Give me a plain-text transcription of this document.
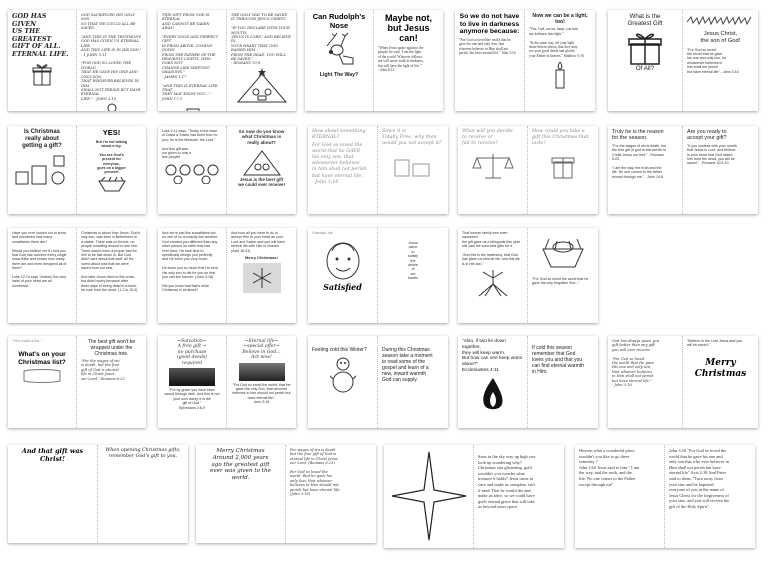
GOD HAS GIVEN
US THE GREATEST
GIFT OF ALL.
ETERNAL LIFE.
GOD SACRIFICED HIS ONLY SON
SO THAT WE COULD ALL BE SAVED.

"AND THIS IS THE TESTIMONY:
GOD HAS GIVEN US ETERNAL LIFE,
AND THIS LIFE IS IN HIS SON."
- 1 JOHN 5:11

"FOR GOD SO LOVED THE WORLD
THAT HE GAVE HIS ONE AND ONLY SON,
THAT WHOEVER BELIEVES IN HIM
SHALL NOT PERISH BUT HAVE ETERNAL
LIFE." - JOHN 3:16
THIS GIFT FROM GOD IS ETERNAL
AND CANNOT BE TAKEN AWAY!

"EVERY GOOD AND PERFECT GIFT
IS FROM ABOVE, COMING DOWN
FROM THE FATHER OF THE
HEAVENLY LIGHTS, WHO DOES NOT
CHANGE LIKE SHIFTING SHADOWS."
- JAMES 1:17

"AND THIS IS ETERNAL LIFE: THAT
THEY MAY KNOW YOU..." - JOHN 17:3
THE ONLY WAY TO BE SAVED
IS THROUGH JESUS CHRIST.

"IF YOU DECLARE WITH YOUR MOUTH,
'JESUS IS LORD,' AND BELIEVE IN
YOUR HEART THAT GOD RAISED HIM
FROM THE DEAD, YOU WILL BE SAVED."
- ROMANS 10:9
Can Rudolph's Nose
Light The Way?
Maybe not, but Jesus can!
"When Jesus spoke again to the
people, he said, 'I am the light
of the world. Whoever follows
me will never walk in darkness,
but will have the light of life.'"
- John 8:12
So we do not have to live in darkness anymore because:
"For God so loved the world that he
gave his one and only Son, that
whoever believes in Him shall not
perish, but have eternal life." John 3:16
Now we can be a light, too!
"You, God, are my lamp; you turn
my darkness into light."

"In the same way, let your light
shine before others, that they may
see your good deeds and glorify
your Father in heaven." Matthew 5:16
What is the
Greatest Gift
Of All?
Jesus Christ,
the son of God!
"For God so loved
the world that he gave
his one and only son, for
whosoever believes in
him shall not perish
but have eternal life" - John 3:16
Is Christmas
really about
getting a gift?
YES!
But I'm not talking
about a toy.

You see God's
present for
everyone,
goes on a bigger
present!
Luke 2:11 says, "Today in the town
of David a Savior has been born to
you; he is the Messiah, the Lord."

And this gift was
not given to only a
few people!
So now do you know
what Christmas is
really about?
Jesus is the best gift
we could ever receive!
How about something
ETERNAL?
For God so loved the
world that he GAVE
his only son, that
whosoever believes
in him shall not perish
but have eternal life.
- John 3:16
Since it is
Totally Free, why then
would you not accept it?
What will you decide
to receive or
fail to receive?
How could you take a
gift this Christmas that
lasts?
Truly he is the reason
for the season.
"For the wages of sin is death, but
the free gift of god is eternal life in
Christ Jesus our lord." - Romans
6:23

"I am the way, the truth and the
life. No one comes to the father
except through me." - John 14:6
Are you ready to
accept your gift?
"If you confess with your mouth
that Jesus is Lord, and believe
in your heart that God raised
him from the dead, you will be
saved." - Romans 10:9-10
Have you ever looked out at snow
and wondered how many
snowflakes there are?

Would you believe me if I told you
that God has counted every single
snow flake and knows how many
there are and even designed all of
them?

Luke 12:7a says "Indeed, the very
hairs of your head are all
numbered."
Christmas is about how Jesus, God's
only son, was born in Bethlehem in
a stable. There was no throne, no
people crowding around to see him.
There wasn't even a proper bed for
him to be laid down in. But God
didn't care about that stuff, all He
cared about was that we were
saved from our sins.

And later Jesus died on the cross,
but didn't worry because after
three days of being dead in a tomb
he rose from the dead. (1 Cor 15:4)
And we're just like snowflakes too,
no one of us is exactly like another.
God created you different than any
other person on earth that has
ever lived. He took time to
specifically design you perfectly
and He loves you very much.

He loves you so much that He sent
His only son to die for you so that
you can live forever. (John 3:16)

Did you know that that's what
Christmas is all about?
And now all you have to do is
accept Him to your heart as your
Lord and Savior and you will have
eternal life with Him in heaven.
(Acts 16:31)
Merry Christmas!
Grandpa Joe
Satisfied
Jesus
came
to
satisfy
the
desire
of
our
hearts
That human family tree even squeezed
the gift gave us a bilinguals this year
still cast the sum total gifts for it.

"And this is the testimony, that God
has given us eternal life, and this life
is in His son."
"For God so loved the world that he
gave his only begotten Son..."
"He's made a list..."
What's on your Christmas list?
The best gift won't be
wrapped under the
Christmas tree.
"For the wages of sin
is death, but the free
gift of God is eternal
life in Christ Jesus
our Lord." Romans 6:23
~Salvation~
A free gift ~
no purchase
(good deeds)
required
"For by grace you have been
saved through faith. And this is not
your own doing; it is the
gift of God."
Ephesians 2:8-9
~Eternal life~
~special offer~
Believe in God...
Act now!
"For God so loved the world, that He
gave His only Son, that whoever
believes in him should not perish but
have eternal life."
John 3:16
Feeling cold this Winter?	During this Christmas
season take a moment
to read some of the
gospel and learn of a
new, inward warmth
God can supply.
"Also, if two lie down together,
they will keep warm.
But how can one keep warm
alone?"
Ecclesiastes 4:11
If cold this season
remember that God
loves you and that you
can find eternal warmth
in Him.
God has always given you
gift better than any gift
you will ever receive

"For God so loved
the world that He gave
His one and only son,
that whoever believes
in Him shall not perish
but have eternal life."
- John 3:16
"Believe in the Lord Jesus and you
will be saved."
Merry Christmas
And that gift was Christ!
When opening Christmas gifts,
remember God's gift to you.
Merry Christmas
Around 2,000 years
ago the greatest gift
ever was given to the
world.
For wages of sin is death
but the free gift of God is
eternal life in Christ Jesus
our Lord. (Romans 6:23)

For God so loved the
world, that he gave his
only Son, that whoever
believes in Him should not
perish but have eternal life.
(John 3:16)
Stars in the sky way up high you
look up wondering why?
Christmas star glistening, gold
wouldn't you wonder what
treasure it holds? Jesus came to
save and make us complete, isn't
it neat! That he would die and
make us alive, so we could have
god's eternal grace that will take
us beyond outer space.
Heaven what a wonderful place
wouldn't you like to go there
someday ?
John 14:6 Jesus said to him " I am
the way, and the truth, and the
life. No one comes to the Father
except through me".
John 3:16 "For God so loved the
world that he gave his one and
only son that who ever believes in
Him shall not perish but have
eternal life" Acts 2:38 And Peter
said to them, "Turn away from
your sins and be baptized
everyone of you in the name of
Jesus Christ for the forgiveness of
your sins, and you will receive the
gift of the Holy Spirit".
